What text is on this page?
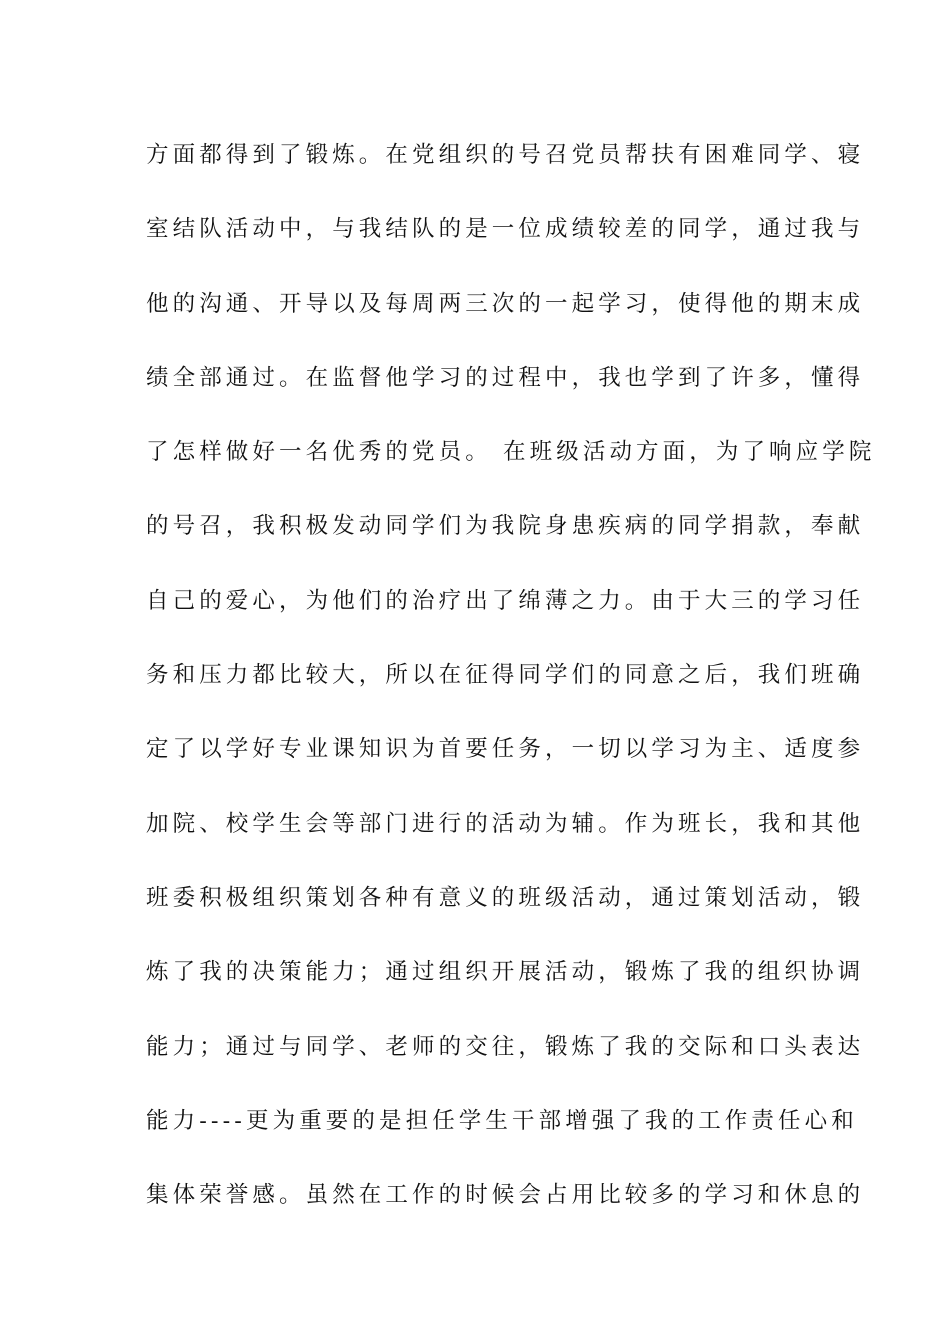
方面都得到了锻炼。在党组织的号召党员帮扶有困难同学、寝
室结队活动中，与我结队的是一位成绩较差的同学，通过我与
他的沟通、开导以及每周两三次的一起学习，使得他的期末成
绩全部通过。在监督他学习的过程中，我也学到了许多，懂得
了怎样做好一名优秀的党员。 在班级活动方面，为了响应学院
的号召，我积极发动同学们为我院身患疾病的同学捐款，奉献
自己的爱心，为他们的治疗出了绵薄之力。由于大三的学习任
务和压力都比较大，所以在征得同学们的同意之后，我们班确
定了以学好专业课知识为首要任务，一切以学习为主、适度参
加院、校学生会等部门进行的活动为辅。作为班长，我和其他
班委积极组织策划各种有意义的班级活动，通过策划活动，锻
炼了我的决策能力；通过组织开展活动，锻炼了我的组织协调
能力；通过与同学、老师的交往，锻炼了我的交际和口头表达
能力----更为重要的是担任学生干部增强了我的工作责任心和
集体荣誉感。虽然在工作的时候会占用比较多的学习和休息的
